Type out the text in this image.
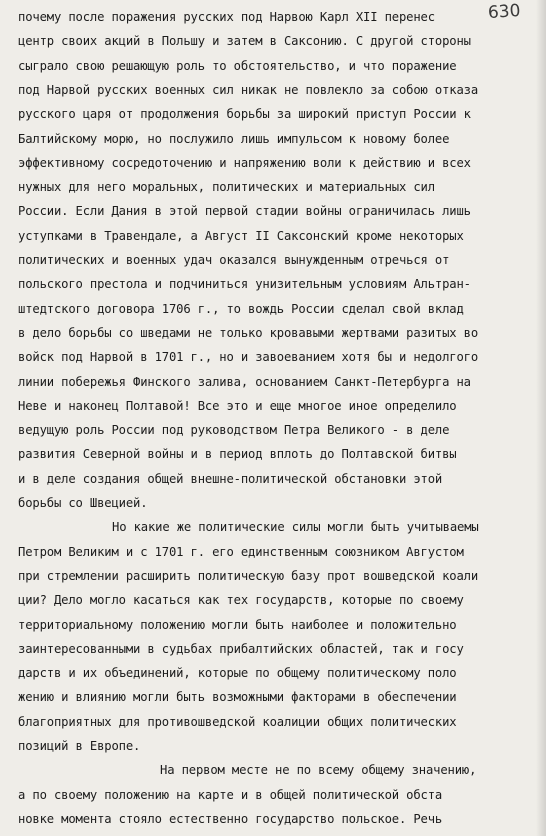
630
почему после поражения русских под Нарвою Карл XII перенес
центр своих акций в Польшу и затем в Саксонию. С другой стороны
сыграло свою решающую роль то обстоятельство, и что поражение
под Нарвой русских военных сил никак не повлекло за собою отказа
русского царя от продолжения борьбы за широкий приступ России к
Балтийскому морю, но послужило лишь импульсом к новому более
эффективному сосредоточению и напряжению воли к действию и всех
нужных для него моральных, политических и материальных сил
России. Если Дания в этой первой стадии войны ограничилась лишь
уступками в Травендале, а Август II Саксонский кроме некоторых
политических и военных удач оказался вынужденным отречься от
польского престола и подчиниться унизительным условиям Альтран-
штедтского договора 1706 г., то вождь России сделал свой вклад
в дело борьбы со шведами не только кровавыми жертвами разитых во
войск под Нарвой в 1701 г., но и завоеванием хотя бы и недолгого
линии побережья Финского залива, основанием Санкт-Петербурга на
Неве и наконец Полтавой! Все это и еще многое иное определило
ведущую роль России под руководством Петра Великого - в деле
развития Северной войны и в период вплоть до Полтавской битвы
и в деле создания общей внешне-политической обстановки этой
борьбы со Швецией.
Но какие же политические силы могли быть учитываемы
Петром Великим и с 1701 г. его единственным союзником Августом
при стремлении расширить политическую базу прот вошведской коали
ции? Дело могло касаться как тех государств, которые по своему
территориальному положению могли быть наиболее и положительно
заинтересованными в судьбах прибалтийских областей, так и госу
дарств и их объединений, которые по общему политическому поло
жению и влиянию могли быть возможными факторами в обеспечении
благоприятных для противошведской коалиции общих политических
позиций в Европе.
На первом месте не по всему общему значению,
а по своему положению на карте и в общей политической обста
новке момента стояло естественно государство польское. Речь
